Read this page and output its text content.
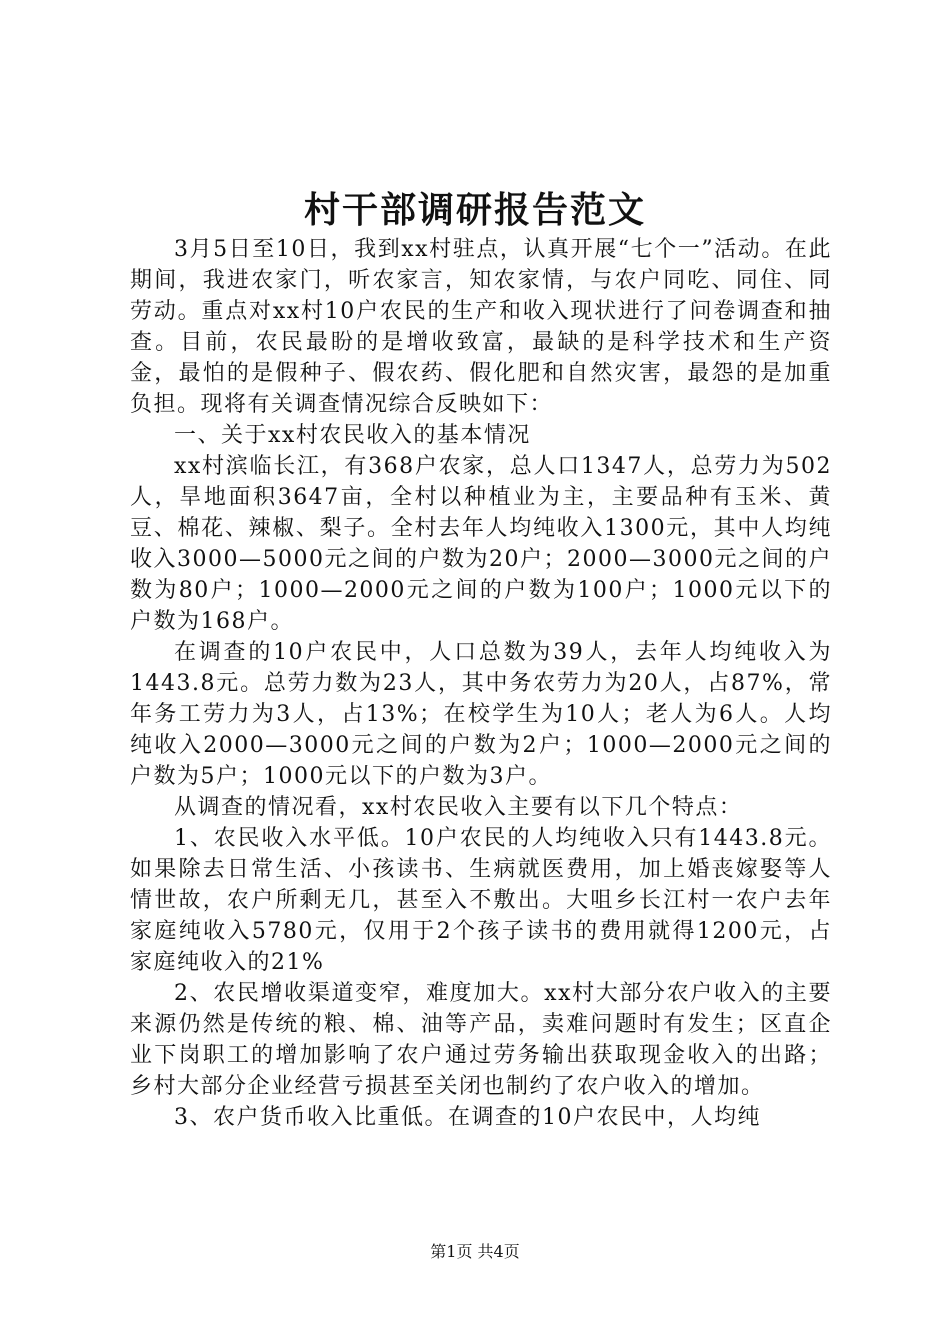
村干部调研报告范文

3月5日至10日，我到xx村驻点，认真开展“七个一”活动。在此期间，我进农家门，听农家言，知农家情，与农户同吃、同住、同劳动。重点对xx村10户农民的生产和收入现状进行了问卷调查和抽查。目前，农民最盼的是增收致富，最缺的是科学技术和生产资金，最怕的是假种子、假农药、假化肥和自然灾害，最怨的是加重负担。现将有关调查情况综合反映如下：

一、关于xx村农民收入的基本情况

xx村滨临长江，有368户农家，总人口1347人，总劳力为502人，旱地面积3647亩，全村以种植业为主，主要品种有玉米、黄豆、棉花、辣椒、梨子。全村去年人均纯收入1300元，其中人均纯收入3000—5000元之间的户数为20户；2000—3000元之间的户数为80户；1000—2000元之间的户数为100户；1000元以下的户数为168户。

在调查的10户农民中，人口总数为39人，去年人均纯收入为1443.8元。总劳力数为23人，其中务农劳力为20人，占87%，常年务工劳力为3人，占13%；在校学生为10人；老人为6人。人均纯收入2000—3000元之间的户数为2户；1000—2000元之间的户数为5户；1000元以下的户数为3户。

从调查的情况看，xx村农民收入主要有以下几个特点：

1、农民收入水平低。10户农民的人均纯收入只有1443.8元。如果除去日常生活、小孩读书、生病就医费用，加上婚丧嫁娶等人情世故，农户所剩无几，甚至入不敷出。大咀乡长江村一农户去年家庭纯收入5780元，仅用于2个孩子读书的费用就得1200元，占家庭纯收入的21%

2、农民增收渠道变窄，难度加大。xx村大部分农户收入的主要来源仍然是传统的粮、棉、油等产品，卖难问题时有发生；区直企业下岗职工的增加影响了农户通过劳务输出获取现金收入的出路；乡村大部分企业经营亏损甚至关闭也制约了农户收入的增加。

3、农户货币收入比重低。在调查的10户农民中，人均纯

第1页 共4页
